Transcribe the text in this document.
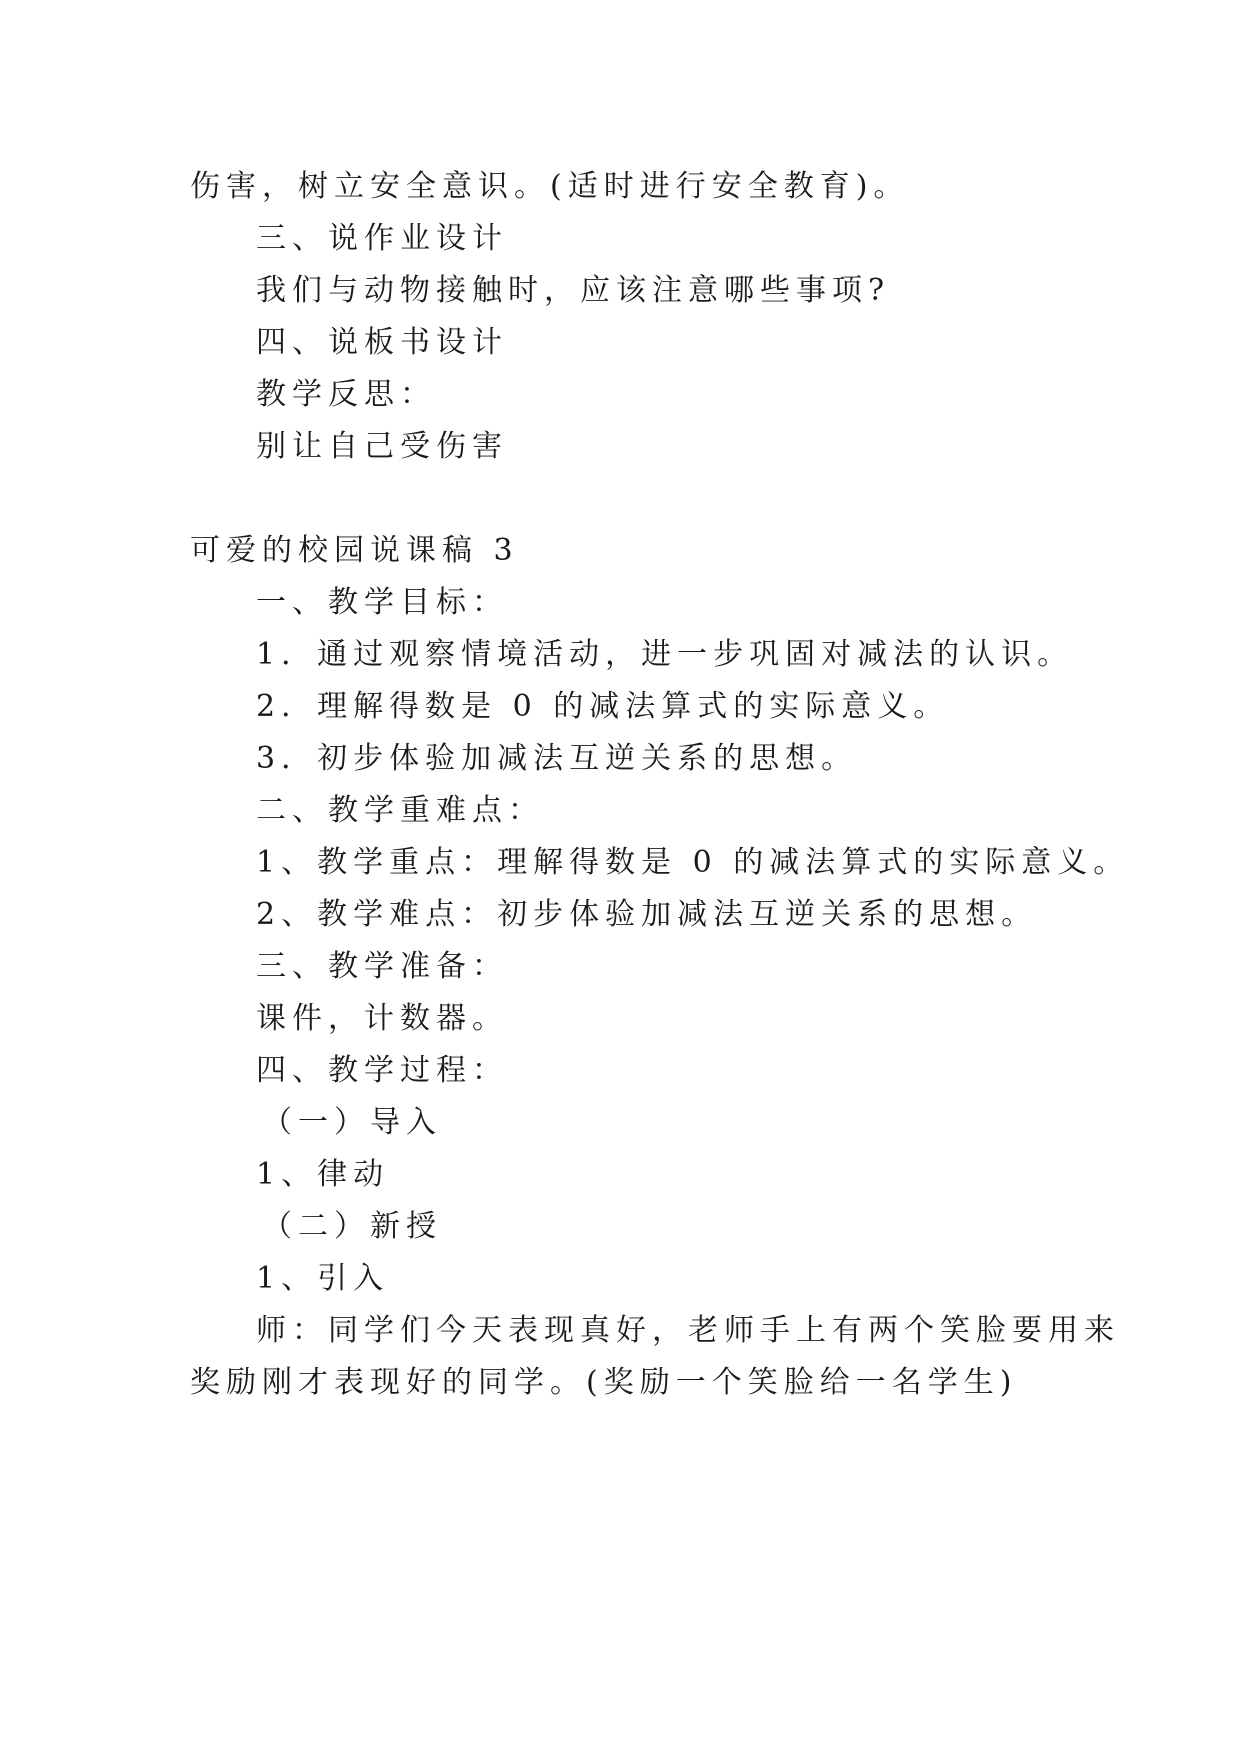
伤害，树立安全意识。(适时进行安全教育)。
三、说作业设计
我们与动物接触时，应该注意哪些事项?
四、说板书设计
教学反思：
别让自己受伤害
可爱的校园说课稿 3
一、教学目标：
1．通过观察情境活动，进一步巩固对减法的认识。
2．理解得数是 0 的减法算式的实际意义。
3．初步体验加减法互逆关系的思想。
二、教学重难点：
1、教学重点：理解得数是 0 的减法算式的实际意义。
2、教学难点：初步体验加减法互逆关系的思想。
三、教学准备：
课件，计数器。
四、教学过程：
（一）导入
1、律动
（二）新授
1、引入
师：同学们今天表现真好，老师手上有两个笑脸要用来
奖励刚才表现好的同学。(奖励一个笑脸给一名学生)
